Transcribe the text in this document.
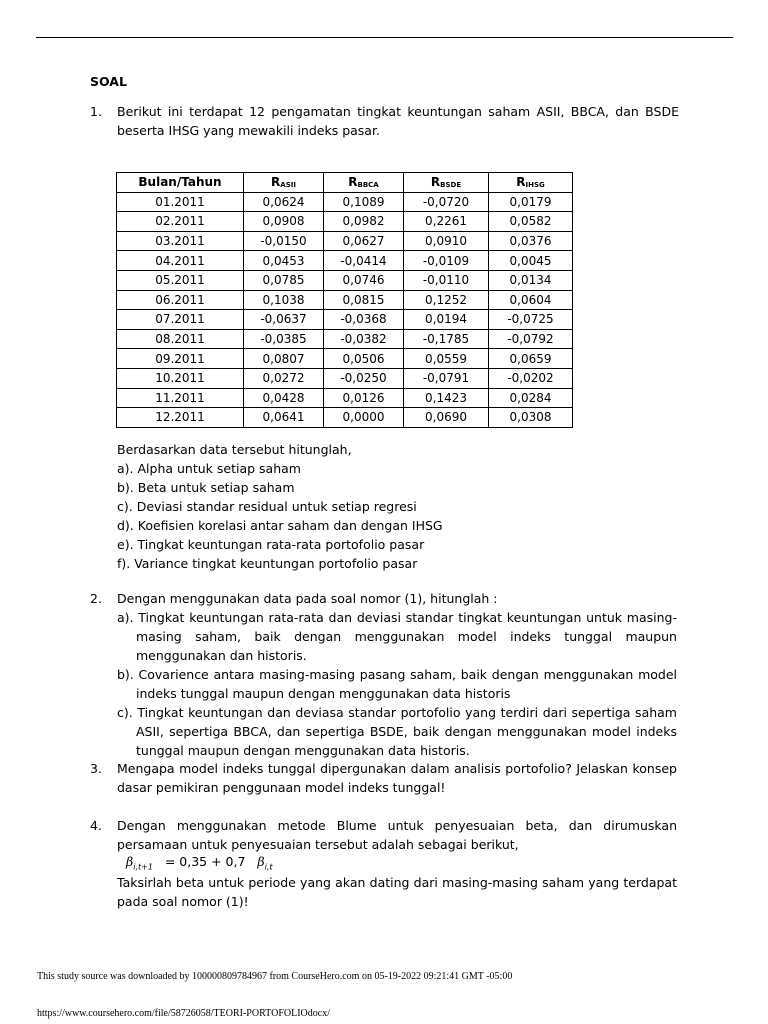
SOAL
1. Berikut ini terdapat 12 pengamatan tingkat keuntungan saham ASII, BBCA, dan BSDE beserta IHSG yang mewakili indeks pasar.
Bulan/Tahun	$R_{ASII}$	$R_{BBCA}$	$R_{BSDE}$	$R_{IHSG}$
01.2011	0,0624	0,1089	-0,0720	0,0179
02.2011	0,0908	0,0982	0,2261	0,0582
03.2011	-0,0150	0,0627	0,0910	0,0376
04.2011	0,0453	-0,0414	-0,0109	0,0045
05.2011	0,0785	0,0746	-0,0110	0,0134
06.2011	0,1038	0,0815	0,1252	0,0604
07.2011	-0,0637	-0,0368	0,0194	-0,0725
08.2011	-0,0385	-0,0382	-0,1785	-0,0792
09.2011	0,0807	0,0506	0,0559	0,0659
10.2011	0,0272	-0,0250	-0,0791	-0,0202
11.2011	0,0428	0,0126	0,1423	0,0284
12.2011	0,0641	0,0000	0,0690	0,0308
Berdasarkan data tersebut hitunglah,
a). Alpha untuk setiap saham
b). Beta untuk setiap saham
c). Deviasi standar residual untuk setiap regresi
d). Koefisien korelasi antar saham dan dengan IHSG
e). Tingkat keuntungan rata-rata portofolio pasar
f). Variance tingkat keuntungan portofolio pasar
2. Dengan menggunakan data pada soal nomor (1), hitunglah :
a). Tingkat keuntungan rata-rata dan deviasi standar tingkat keuntungan untuk masing-masing saham, baik dengan menggunakan model indeks tunggal maupun menggunakan dan historis.
b). Covarience antara masing-masing pasang saham, baik dengan menggunakan model indeks tunggal maupun dengan menggunakan data historis
c). Tingkat keuntungan dan deviasa standar portofolio yang terdiri dari sepertiga saham ASII, sepertiga BBCA, dan sepertiga BSDE, baik dengan menggunakan model indeks tunggal maupun dengan menggunakan data historis.
3. Mengapa model indeks tunggal dipergunakan dalam analisis portofolio? Jelaskan konsep dasar pemikiran penggunaan model indeks tunggal!
4. Dengan menggunakan metode Blume untuk penyesuaian beta, dan dirumuskan persamaan untuk penyesuaian tersebut adalah sebagai berikut,
$\beta_{i,t+1} = 0,35 + 0,7$ $\beta_{i,t}$
Taksirlah beta untuk periode yang akan dating dari masing-masing saham yang terdapat pada soal nomor (1)!
This study source was downloaded by 100000809784967 from CourseHero.com on 05-19-2022 09:21:41 GMT -05:00
https://www.coursehero.com/file/58726058/TEORI-PORTOFOLIOdocx/
